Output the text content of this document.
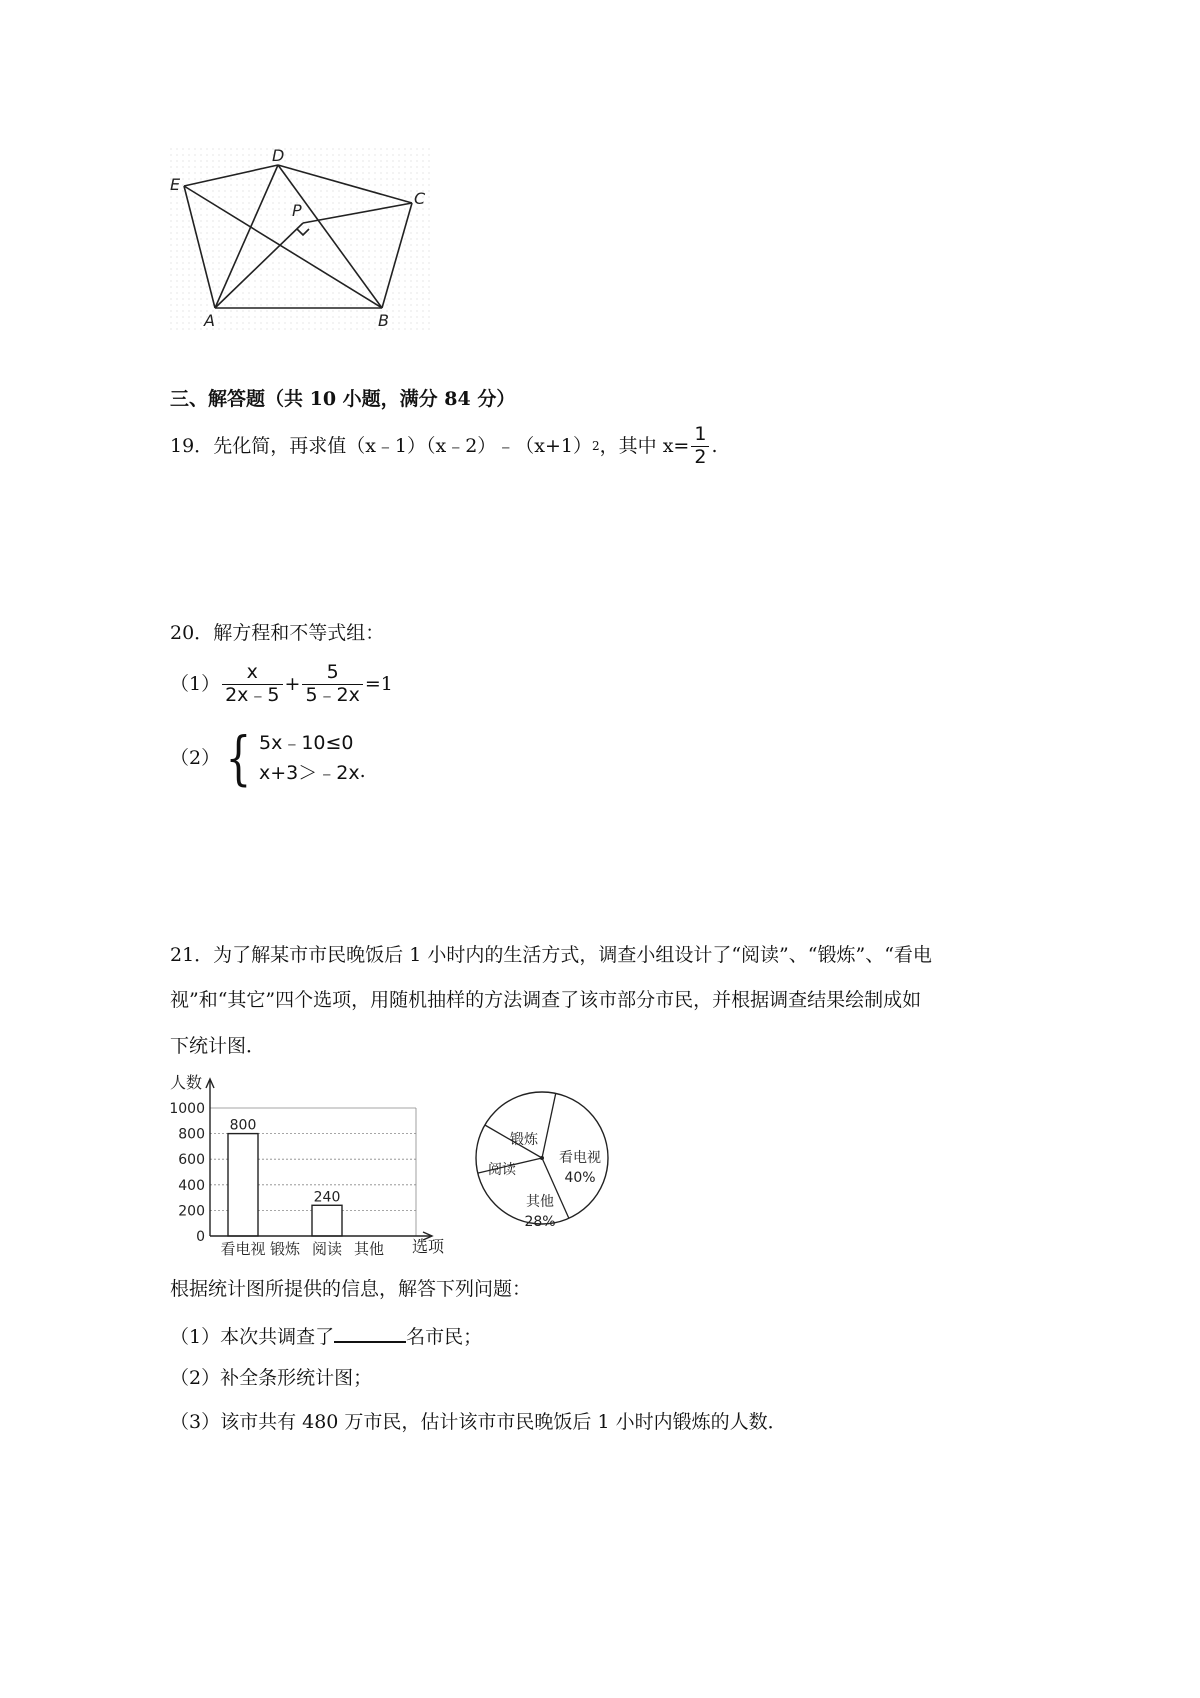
E
D
C
P
A	B
三、解答题（共 10 小题，满分 84 分）
19． 先化简，再求值（x﹣1）（x﹣2）﹣（x+1） 2 ，其中 $x= \frac{1}{2}$ .
20．解方程和不等式组：
$(1) \frac{x}{2x﹣5} + \frac{5}{5﹣2x} =1$
（2） { 5x﹣10≤0
x+3＞﹣2x .
21．为了解某市市民晚饭后 1 小时内的生活方式，调查小组设计了“阅读”、“锻炼”、“看电
视”和“其它”四个选项，用随机抽样的方法调查了该市部分市民，并根据调查结果绘制成如
下统计图．
人数
选项
0
200
400
600
800
1000
800
240
看电视 锻炼 阅读 其他
看电视
40%
其他
28%
阅读
锻炼
根据统计图所提供的信息，解答下列问题：
（1）本次共调查了	名市民；
（2）补全条形统计图；
（3）该市共有 480 万市民，估计该市市民晚饭后 1 小时内锻炼的人数．
